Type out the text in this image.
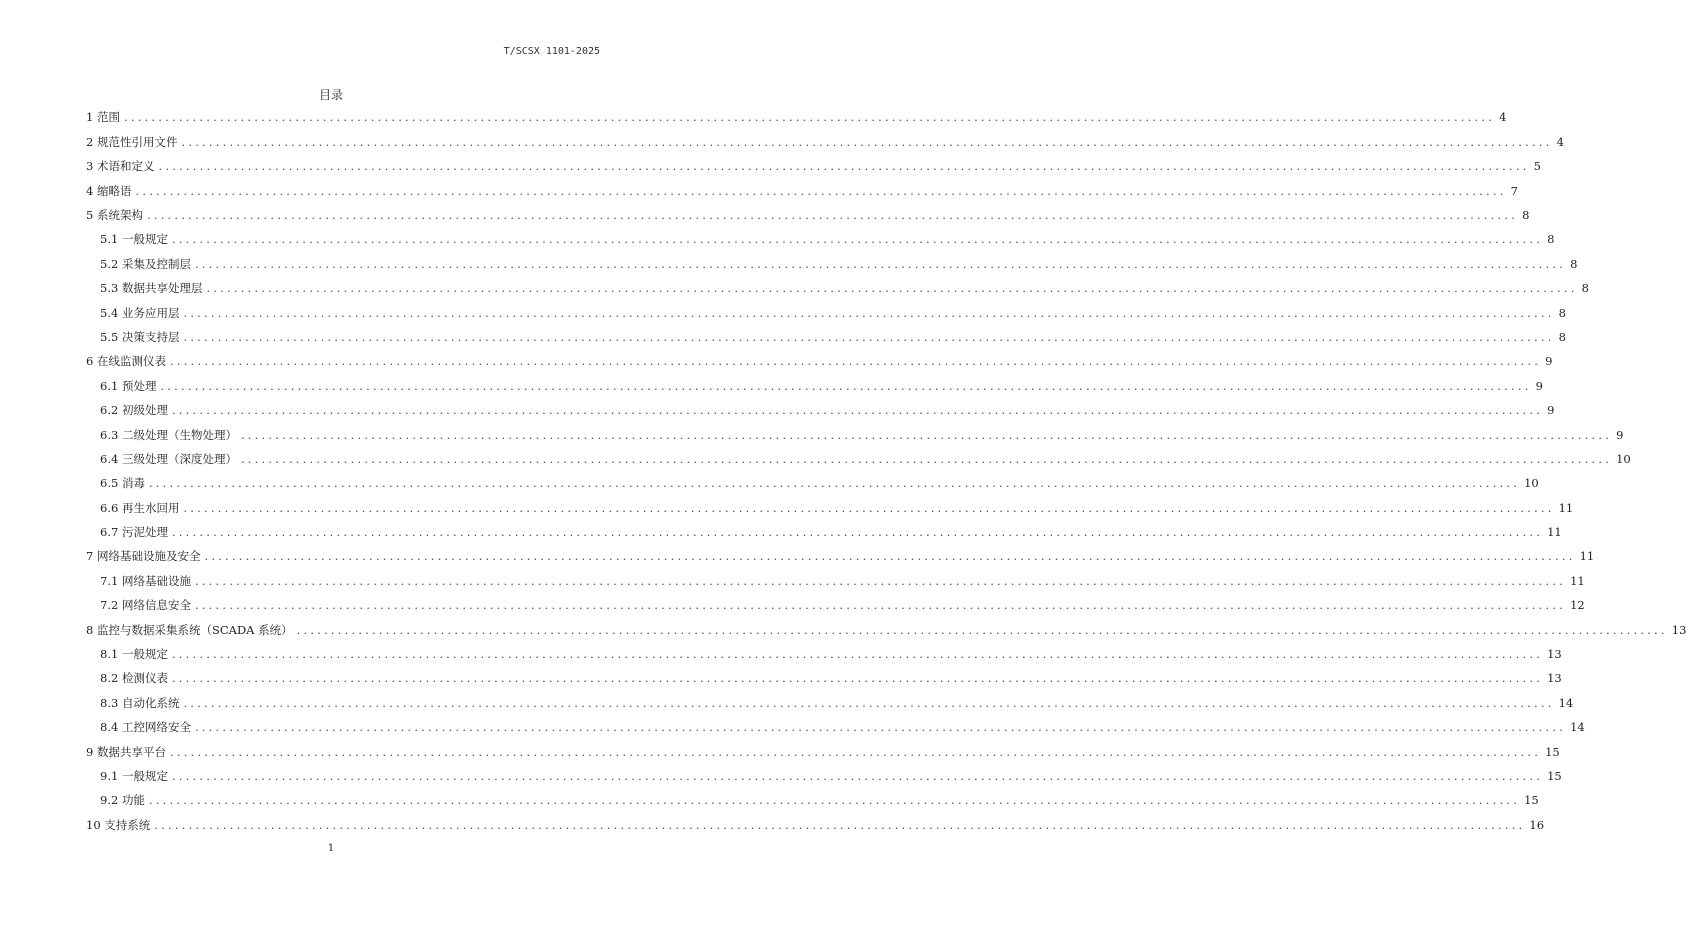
T/SCSX 1101-2025
目录
1 范围 ........................................................................................................................................................................................................ 4
2 规范性引用文件 ........................................................................................................................................................................................................ 4
3 术语和定义 ........................................................................................................................................................................................................ 5
4 缩略语 ........................................................................................................................................................................................................ 7
5 系统架构 ........................................................................................................................................................................................................ 8
5.1 一般规定 ........................................................................................................................................................................................................ 8
5.2 采集及控制层 ........................................................................................................................................................................................................ 8
5.3 数据共享处理层 ........................................................................................................................................................................................................ 8
5.4 业务应用层 ........................................................................................................................................................................................................ 8
5.5 决策支持层 ........................................................................................................................................................................................................ 8
6 在线监测仪表 ........................................................................................................................................................................................................ 9
6.1 预处理 ........................................................................................................................................................................................................ 9
6.2 初级处理 ........................................................................................................................................................................................................ 9
6.3 二级处理（生物处理） ........................................................................................................................................................................................................ 9
6.4 三级处理（深度处理） ........................................................................................................................................................................................................ 10
6.5 消毒 ........................................................................................................................................................................................................ 10
6.6 再生水回用 ........................................................................................................................................................................................................ 11
6.7 污泥处理 ........................................................................................................................................................................................................ 11
7 网络基础设施及安全 ........................................................................................................................................................................................................ 11
7.1 网络基础设施 ........................................................................................................................................................................................................ 11
7.2 网络信息安全 ........................................................................................................................................................................................................ 12
8 监控与数据采集系统（SCADA 系统） ........................................................................................................................................................................................................ 13
8.1 一般规定 ........................................................................................................................................................................................................ 13
8.2 检测仪表 ........................................................................................................................................................................................................ 13
8.3 自动化系统 ........................................................................................................................................................................................................ 14
8.4 工控网络安全 ........................................................................................................................................................................................................ 14
9 数据共享平台 ........................................................................................................................................................................................................ 15
9.1 一般规定 ........................................................................................................................................................................................................ 15
9.2 功能 ........................................................................................................................................................................................................ 15
10 支持系统 ........................................................................................................................................................................................................ 16
1
